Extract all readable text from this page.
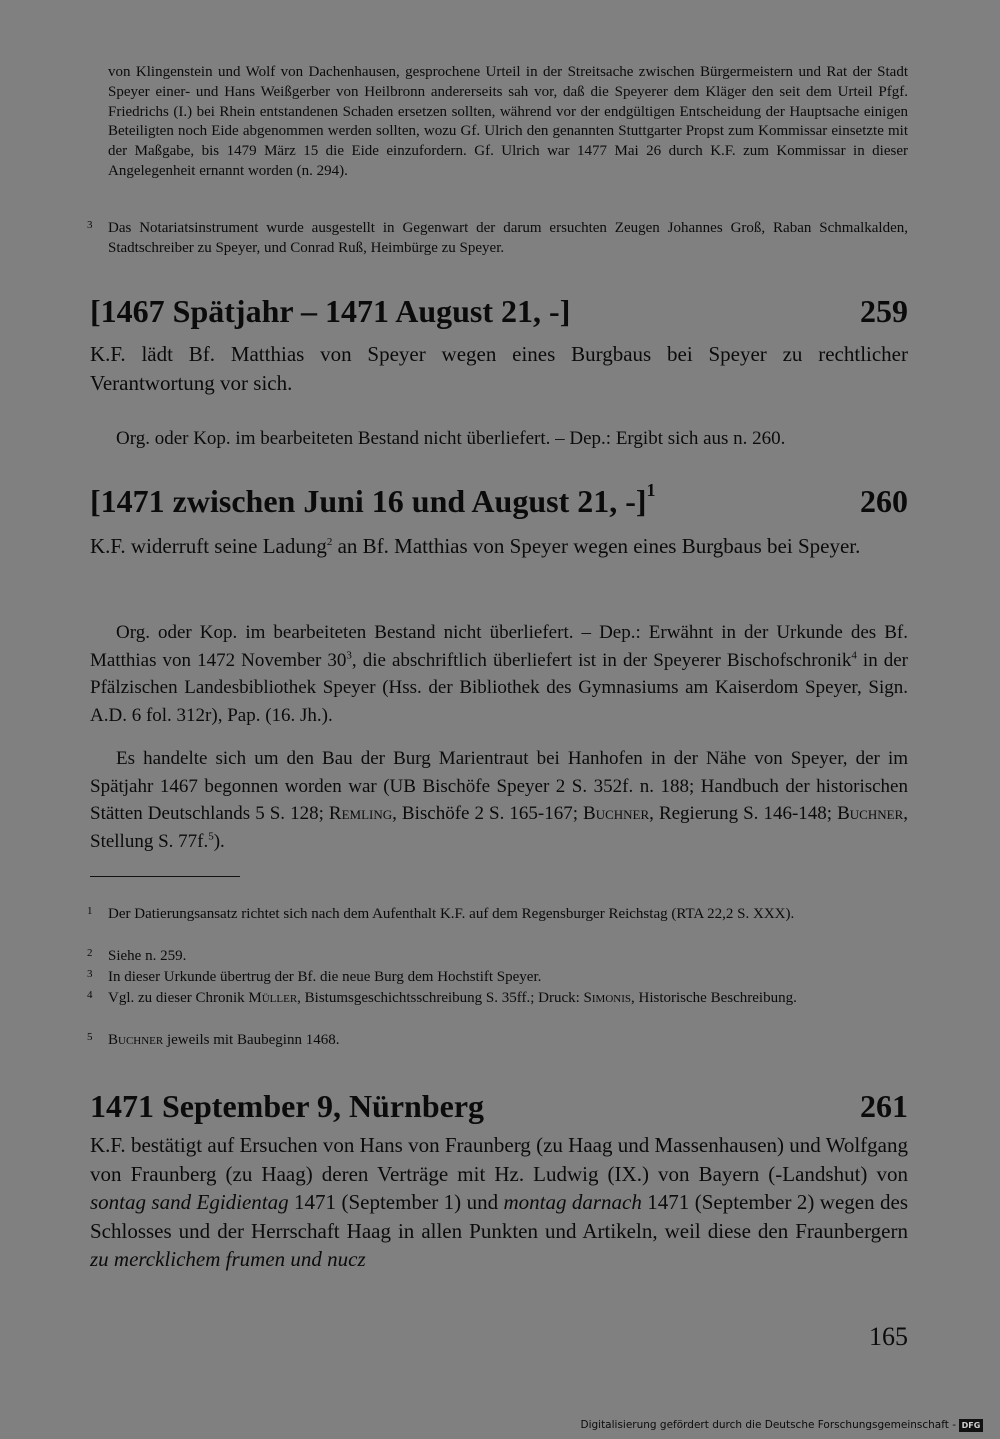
von Klingenstein und Wolf von Dachenhausen, gesprochene Urteil in der Streitsache zwischen Bürgermeistern und Rat der Stadt Speyer einer- und Hans Weißgerber von Heilbronn andererseits sah vor, daß die Speyerer dem Kläger den seit dem Urteil Pfgf. Friedrichs (I.) bei Rhein entstandenen Schaden ersetzen sollten, während vor der endgültigen Entscheidung der Hauptsache einigen Beteiligten noch Eide abgenommen werden sollten, wozu Gf. Ulrich den genannten Stuttgarter Propst zum Kommissar einsetzte mit der Maßgabe, bis 1479 März 15 die Eide einzufordern. Gf. Ulrich war 1477 Mai 26 durch K.F. zum Kommissar in dieser Angelegenheit ernannt worden (n. 294).
3 Das Notariatsinstrument wurde ausgestellt in Gegenwart der darum ersuchten Zeugen Johannes Groß, Raban Schmalkalden, Stadtschreiber zu Speyer, und Conrad Ruß, Heimbürge zu Speyer.
[1467 Spätjahr – 1471 August 21, -]	259
K.F. lädt Bf. Matthias von Speyer wegen eines Burgbaus bei Speyer zu rechtlicher Verantwortung vor sich.
Org. oder Kop. im bearbeiteten Bestand nicht überliefert. – Dep.: Ergibt sich aus n. 260.
[1471 zwischen Juni 16 und August 21, -]$^1$	260
K.F. widerruft seine Ladung$^2$ an Bf. Matthias von Speyer wegen eines Burgbaus bei Speyer.
Org. oder Kop. im bearbeiteten Bestand nicht überliefert. – Dep.: Erwähnt in der Urkunde des Bf. Matthias von 1472 November $30^3$, die abschriftlich überliefert ist in der Speyerer Bischofschronik$^4$ in der Pfälzischen Landesbibliothek Speyer (Hss. der Bibliothek des Gymnasiums am Kaiserdom Speyer, Sign. A.D. 6 fol. 312r), Pap. (16. Jh.).
Es handelte sich um den Bau der Burg Marientraut bei Hanhofen in der Nähe von Speyer, der im Spätjahr 1467 begonnen worden war (UB Bischöfe Speyer 2 S. 352f. n. 188; Handbuch der historischen Stätten Deutschlands 5 S. 128; Remling, Bischöfe 2 S. 165-167; Buchner, Regierung S. 146-148; Buchner, Stellung S. 77f.$^5$).
1 Der Datierungsansatz richtet sich nach dem Aufenthalt K.F. auf dem Regensburger Reichstag (RTA 22,2 S. XXX).
2 Siehe n. 259.
3 In dieser Urkunde übertrug der Bf. die neue Burg dem Hochstift Speyer.
4 Vgl. zu dieser Chronik Müller, Bistumsgeschichtsschreibung S. 35ff.; Druck: Simonis, Historische Beschreibung.
5 Buchner jeweils mit Baubeginn 1468.
1471 September 9, Nürnberg	261
K.F. bestätigt auf Ersuchen von Hans von Fraunberg (zu Haag und Massenhausen) und Wolfgang von Fraunberg (zu Haag) deren Verträge mit Hz. Ludwig (IX.) von Bayern (-Landshut) von sontag sand Egidientag 1471 (September 1) und montag darnach 1471 (September 2) wegen des Schlosses und der Herrschaft Haag in allen Punkten und Artikeln, weil diese den Fraunbergern zu mercklichem frumen und nucz
165
Digitalisierung gefördert durch die Deutsche Forschungsgemeinschaft - DFG
